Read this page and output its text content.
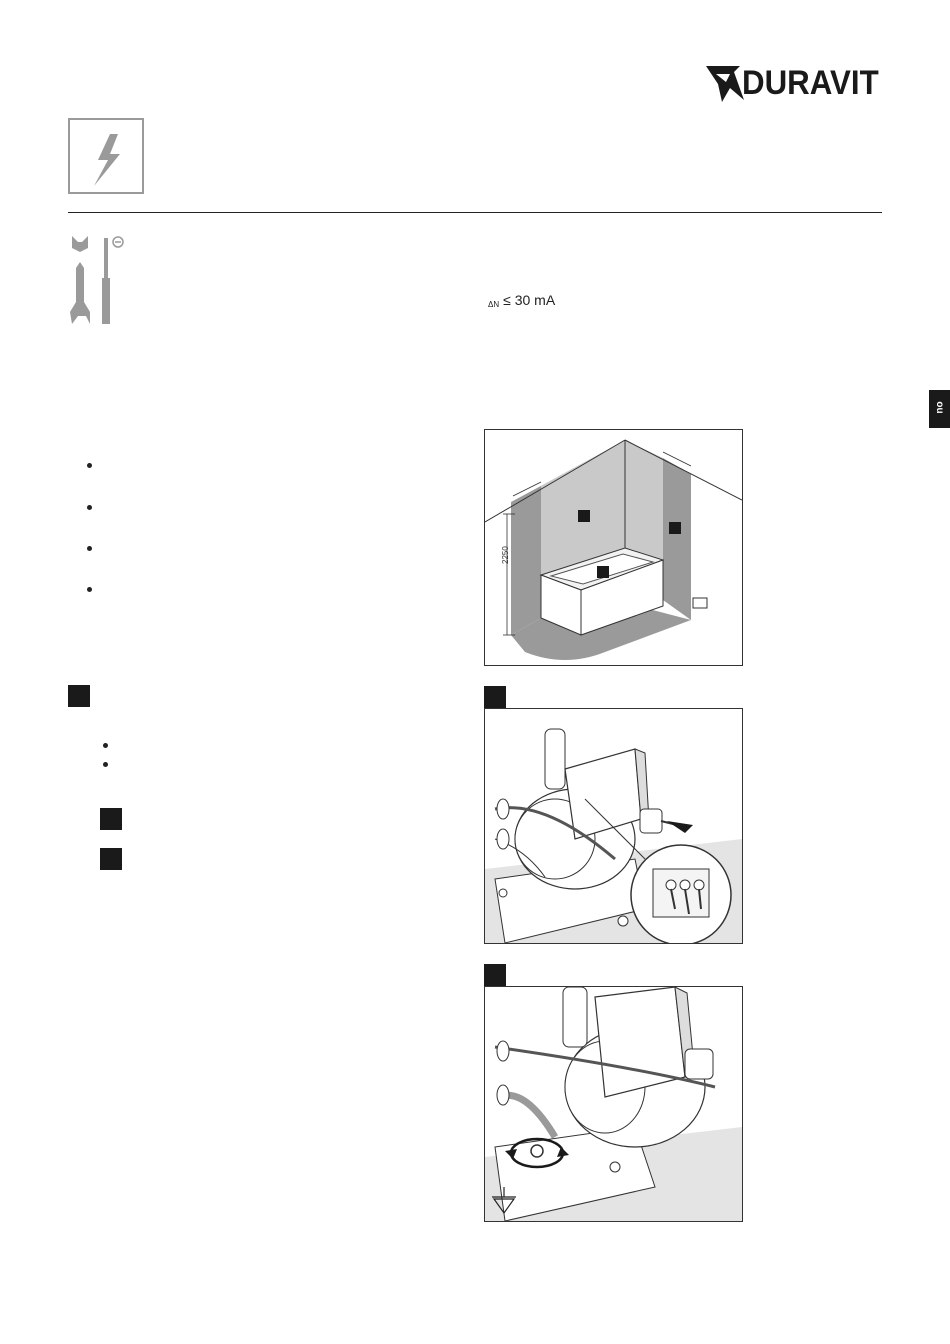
DURAVIT
ΔN ≤ 30 mA
no
2250
